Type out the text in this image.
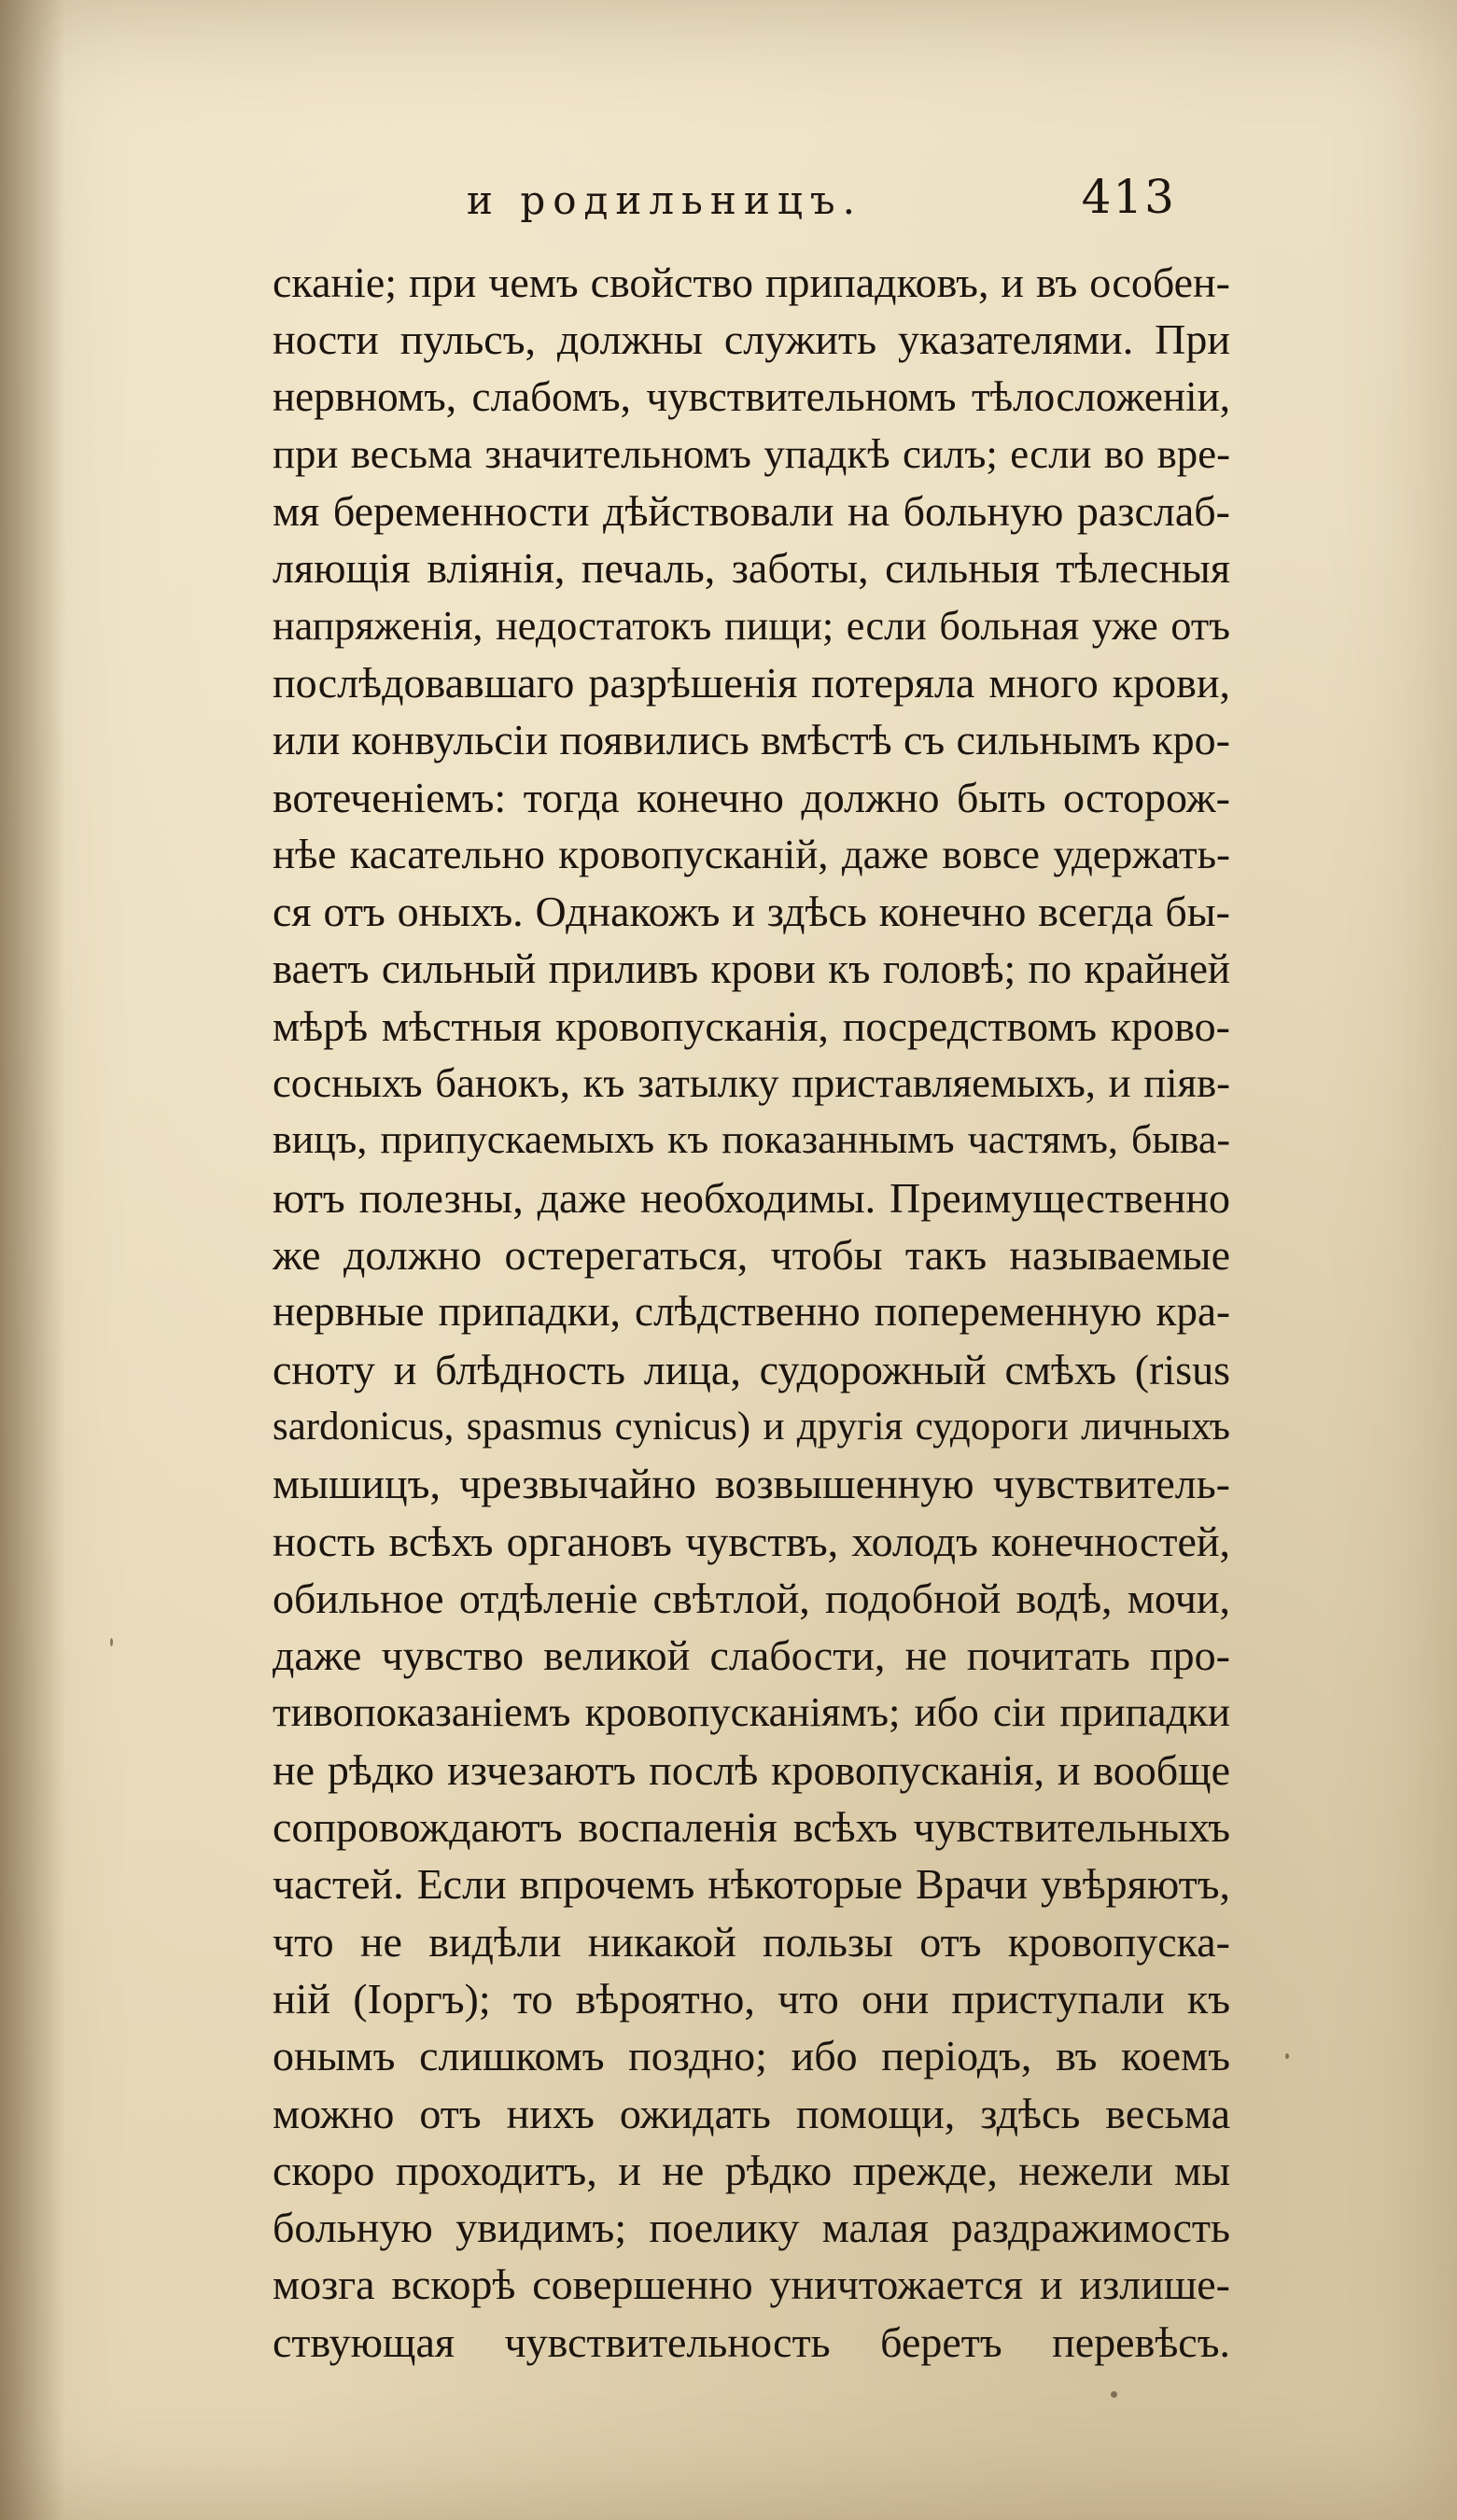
и родильницъ.	413
сканіе; при чемъ свойство припадковъ, и въ особен-
ности пульсъ, должны служить указателями. При
нервномъ, слабомъ, чувствительномъ тѣлосложеніи,
при весьма значительномъ упадкѣ силъ; если во вре-
мя беременности дѣйствовали на больную разслаб-
ляющія вліянія, печаль, заботы, сильныя тѣлесныя
напряженія, недостатокъ пищи; если больная уже отъ
послѣдовавшаго разрѣшенія потеряла много крови,
или конвульсіи появились вмѣстѣ съ сильнымъ кро-
вотеченіемъ: тогда конечно должно быть осторож-
нѣе касательно кровопусканій, даже вовсе удержать-
ся отъ оныхъ. Однакожъ и здѣсь конечно всегда бы-
ваетъ сильный приливъ крови къ головѣ; по крайней
мѣрѣ мѣстныя кровопусканія, посредствомъ крово-
сосныхъ банокъ, къ затылку приставляемыхъ, и піяв-
вицъ, припускаемыхъ къ показаннымъ частямъ, быва-
ютъ полезны, даже необходимы. Преимущественно
же должно остерегаться, чтобы такъ называемые
нервные припадки, слѣдственно попеременную кра-
сноту и блѣдность лица, судорожный смѣхъ (risus
sardonicus, spasmus cynicus) и другія судороги личныхъ
мышицъ, чрезвычайно возвышенную чувствитель-
ность всѣхъ органовъ чувствъ, холодъ конечностей,
обильное отдѣленіе свѣтлой, подобной водѣ, мочи,
даже чувство великой слабости, не почитать про-
тивопоказаніемъ кровопусканіямъ; ибо сіи припадки
не рѣдко изчезаютъ послѣ кровопусканія, и вообще
сопровождаютъ воспаленія всѣхъ чувствительныхъ
частей. Если впрочемъ нѣкоторые Врачи увѣряютъ,
что не видѣли никакой пользы отъ кровопуска-
ній (Іоргъ); то вѣроятно, что они приступали къ
онымъ слишкомъ поздно; ибо періодъ, въ коемъ
можно отъ нихъ ожидать помощи, здѣсь весьма
скоро проходитъ, и не рѣдко прежде, нежели мы
больную увидимъ; поелику малая раздражимость
мозга вскорѣ совершенно уничтожается и излише-
ствующая чувствительность беретъ перевѣсъ.
